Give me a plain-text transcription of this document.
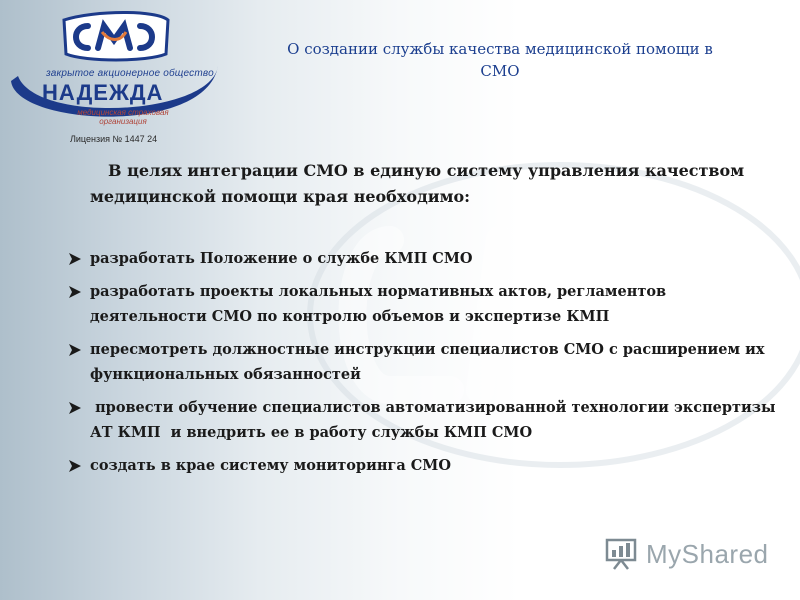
закрытое акционерное общество
НАДЕЖДА
медицинская страховая организация
Лицензия № 1447 24
О создании службы качества медицинской помощи в СМО
В целях интеграции СМО в единую систему управления качеством медицинской помощи края необходимо:
разработать Положение о службе КМП СМО
разработать проекты локальных нормативных актов, регламентов деятельности СМО по контролю объемов и экспертизе КМП
пересмотреть должностные инструкции специалистов СМО с расширением их функциональных обязанностей
провести обучение специалистов автоматизированной технологии экспертизы  АТ КМП  и внедрить ее в работу службы КМП СМО
создать в крае систему мониторинга СМО
MyShared
